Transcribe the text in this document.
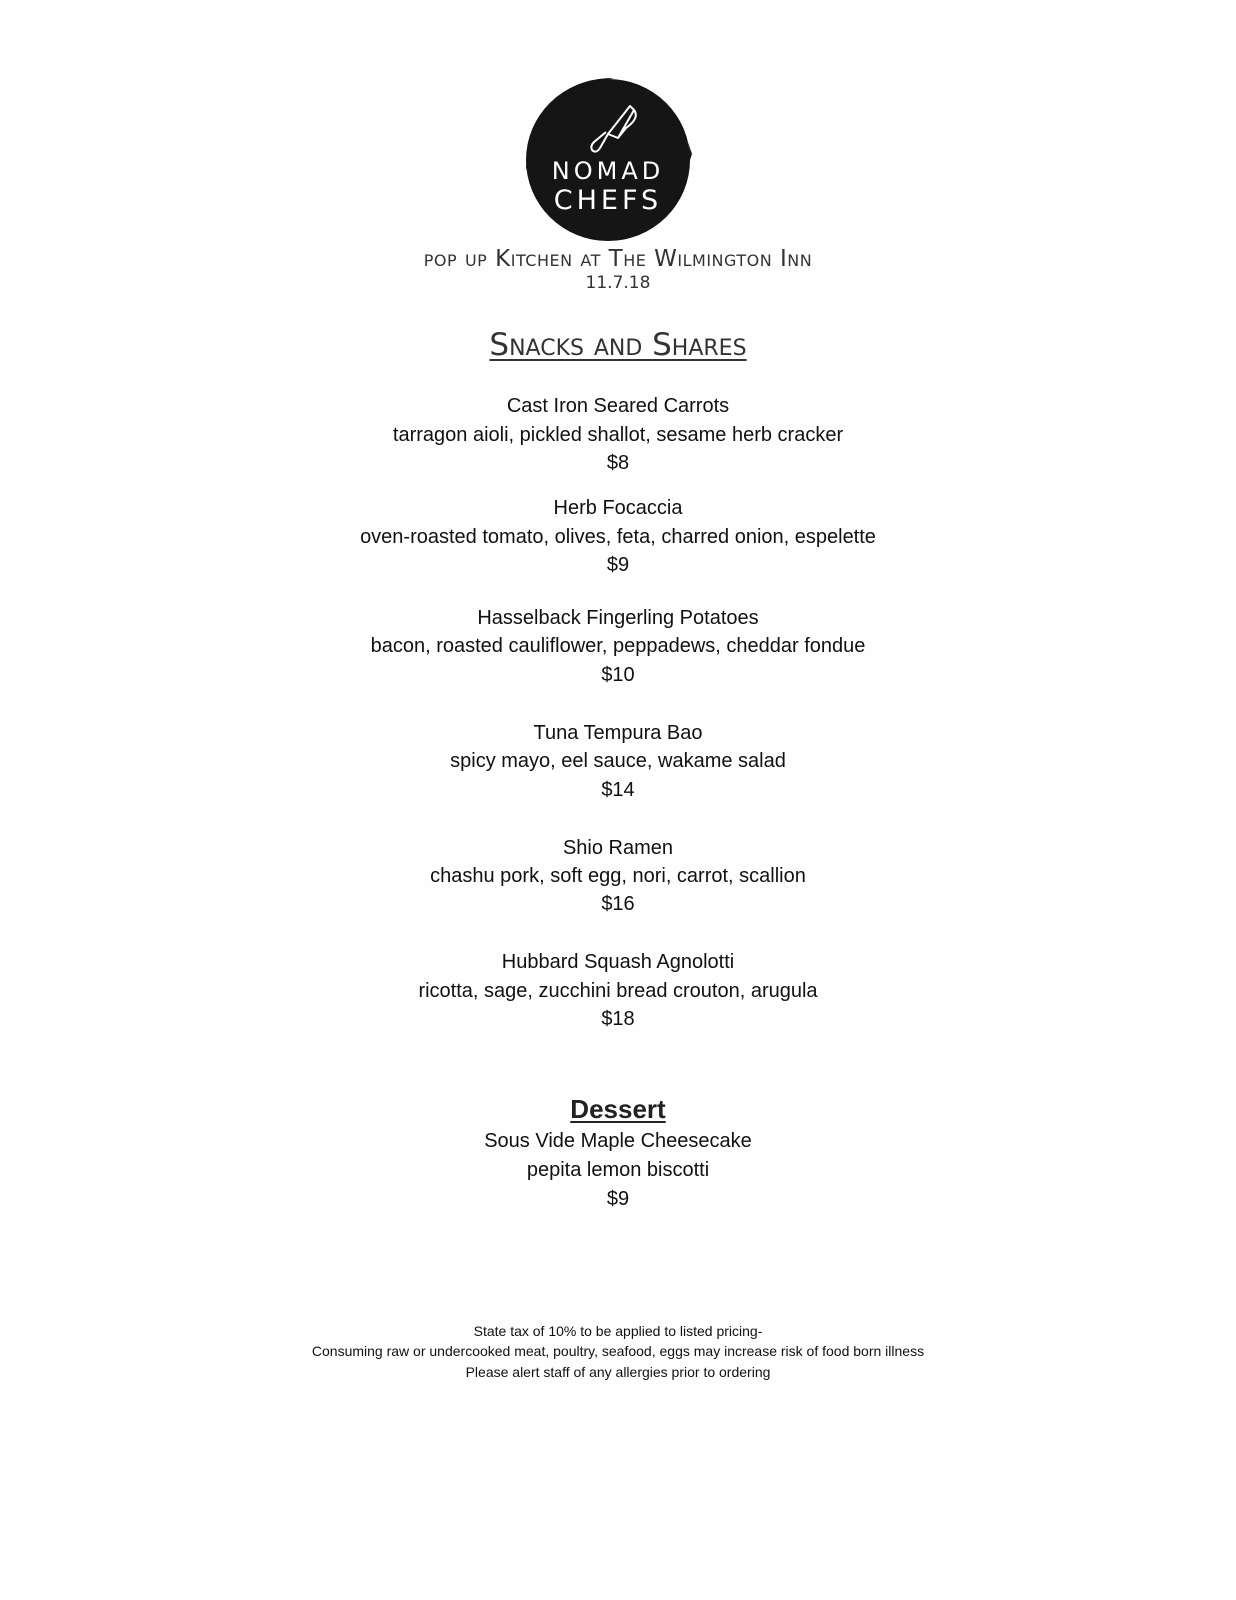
NOMAD
CHEFS
pop up Kitchen at The Wilmington Inn
11.7.18
Snacks and Shares
Cast Iron Seared Carrots
tarragon aioli, pickled shallot, sesame herb cracker
$8
Herb Focaccia
oven-roasted tomato, olives, feta, charred onion, espelette
$9
Hasselback Fingerling Potatoes
bacon, roasted cauliflower, peppadews, cheddar fondue
$10
Tuna Tempura Bao
spicy mayo, eel sauce, wakame salad
$14
Shio Ramen
chashu pork, soft egg, nori, carrot, scallion
$16
Hubbard Squash Agnolotti
ricotta, sage, zucchini bread crouton, arugula
$18
Dessert
Sous Vide Maple Cheesecake
pepita lemon biscotti
$9
State tax of 10% to be applied to listed pricing-
Consuming raw or undercooked meat, poultry, seafood, eggs may increase risk of food born illness
Please alert staff of any allergies prior to ordering
